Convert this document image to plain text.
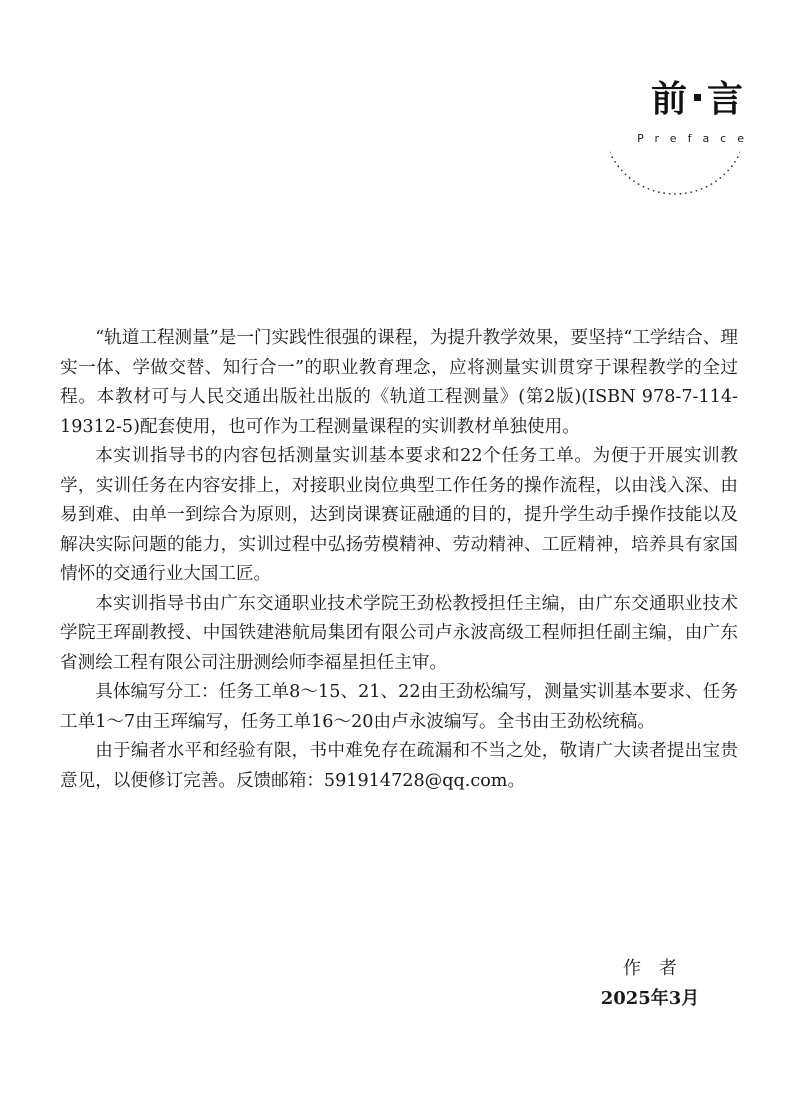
前 言
Preface

“轨道工程测量”是一门实践性很强的课程，为提升教学效果，要坚持“工学结合、理实一体、学做交替、知行合一”的职业教育理念，应将测量实训贯穿于课程教学的全过程。本教材可与人民交通出版社出版的《轨道工程测量》(第2版)(ISBN 978-7-114-19312-5)配套使用，也可作为工程测量课程的实训教材单独使用。

本实训指导书的内容包括测量实训基本要求和22个任务工单。为便于开展实训教学，实训任务在内容安排上，对接职业岗位典型工作任务的操作流程，以由浅入深、由易到难、由单一到综合为原则，达到岗课赛证融通的目的，提升学生动手操作技能以及解决实际问题的能力，实训过程中弘扬劳模精神、劳动精神、工匠精神，培养具有家国情怀的交通行业大国工匠。

本实训指导书由广东交通职业技术学院王劲松教授担任主编，由广东交通职业技术学院王珲副教授、中国铁建港航局集团有限公司卢永波高级工程师担任副主编，由广东省测绘工程有限公司注册测绘师李福星担任主审。

具体编写分工：任务工单8～15、21、22由王劲松编写，测量实训基本要求、任务工单1～7由王珲编写，任务工单16～20由卢永波编写。全书由王劲松统稿。

由于编者水平和经验有限，书中难免存在疏漏和不当之处，敬请广大读者提出宝贵意见，以便修订完善。反馈邮箱：591914728@qq.com。

作者
2025年3月
